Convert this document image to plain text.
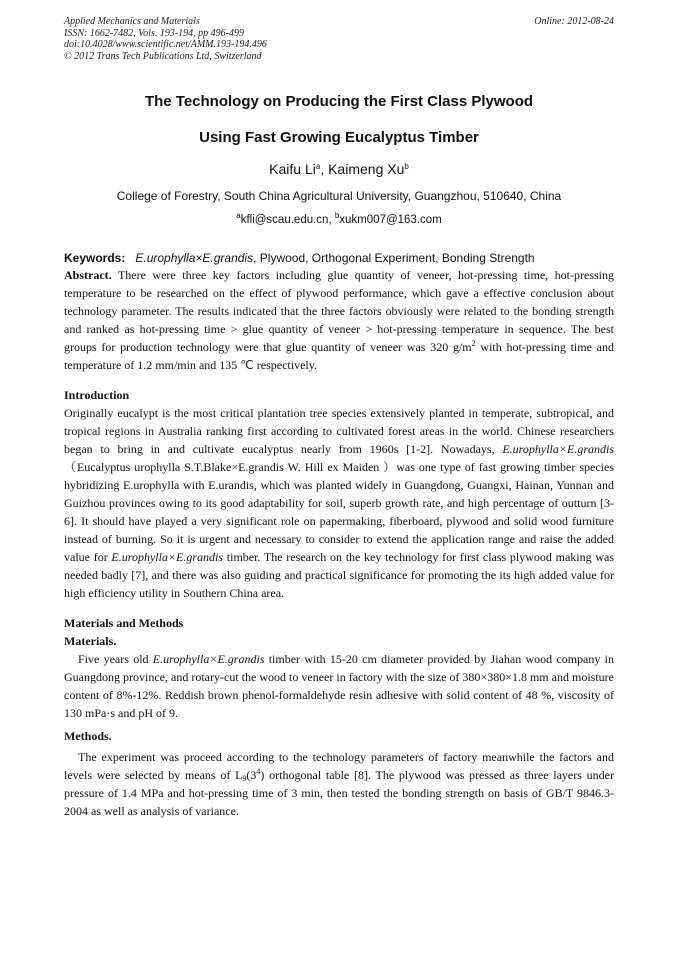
Applied Mechanics and Materials
ISSN: 1662-7482, Vols. 193-194, pp 496-499
doi:10.4028/www.scientific.net/AMM.193-194.496
© 2012 Trans Tech Publications Ltd, Switzerland
Online: 2012-08-24
The Technology on Producing the First Class Plywood
Using Fast Growing Eucalyptus Timber
Kaifu Li$^a$, Kaimeng Xu$^b$
College of Forestry, South China Agricultural University, Guangzhou, 510640, China
$^a$kfli@scau.edu.cn, $^b$xukm007@163.com
Keywords: E.urophylla×E.grandis, Plywood, Orthogonal Experiment, Bonding Strength

Abstract. There were three key factors including glue quantity of veneer, hot-pressing time, hot-pressing temperature to be researched on the effect of plywood performance, which gave a effective conclusion about technology parameter. The results indicated that the three factors obviously were related to the bonding strength and ranked as hot-pressing time > glue quantity of veneer > hot-pressing temperature in sequence. The best groups for production technology were that glue quantity of veneer was 320 $g/m^2$ with hot-pressing time and temperature of 1.2 mm/min and 135 ℃ respectively.

Introduction

Originally eucalypt is the most critical plantation tree species extensively planted in temperate, subtropical, and tropical regions in Australia ranking first according to cultivated forest areas in the world. Chinese researchers began to bring in and cultivate eucalyptus nearly from 1960s [1-2]. Nowadays, E.urophylla×E.grandis（Eucalyptus urophylla S.T.Blake×E.grandis W. Hill ex Maiden ）was one type of fast growing timber species hybridizing E.urophylla with E.urandis, which was planted widely in Guangdong, Guangxi, Hainan, Yunnan and Guizhou provinces owing to its good adaptability for soil, superb growth rate, and high percentage of outturn [3-6]. It should have played a very significant role on papermaking, fiberboard, plywood and solid wood furniture instead of burning. So it is urgent and necessary to consider to extend the application range and raise the added value for E.urophylla×E.grandis timber. The research on the key technology for first class plywood making was needed badly [7], and there was also guiding and practical significance for promoting the its high added value for high efficiency utility in Southern China area.

Materials and Methods
Materials.

Five years old E.urophylla×E.grandis timber with 15-20 cm diameter provided by Jiahan wood company in Guangdong province, and rotary-cut the wood to veneer in factory with the size of 380×380×1.8 mm and moisture content of 8%-12%. Reddish brown phenol-formaldehyde resin adhesive with solid content of 48 %, viscosity of 130 mPa·s and pH of 9.

Methods.

The experiment was proceed according to the technology parameters of factory meanwhile the factors and levels were selected by means of $L_9(3^4)$ orthogonal table [8]. The plywood was pressed as three layers under pressure of 1.4 MPa and hot-pressing time of 3 min, then tested the bonding strength on basis of GB/T 9846.3-2004 as well as analysis of variance.
